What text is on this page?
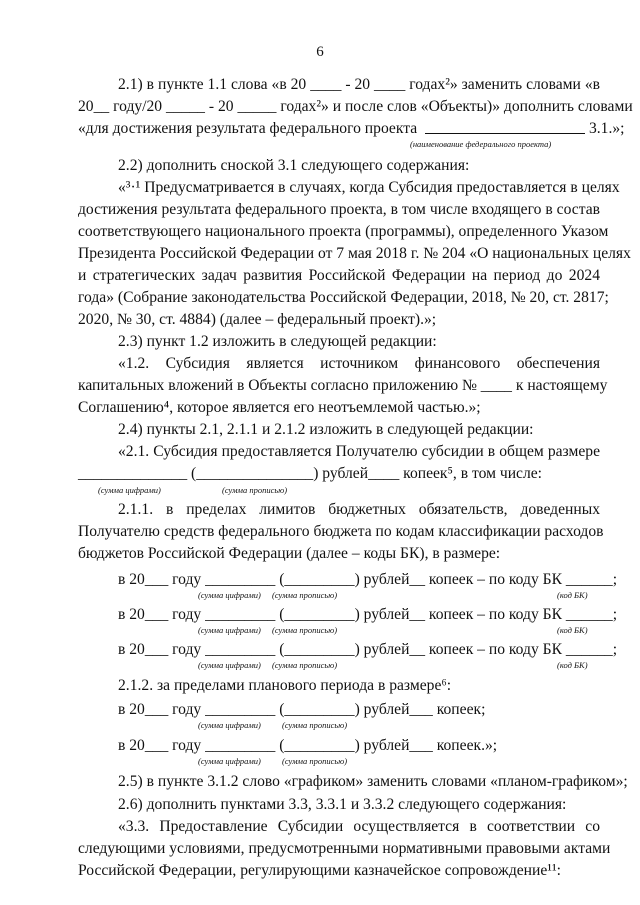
6
2.1) в пункте 1.1 слова «в 20 ____ - 20 ____ годах²» заменить словами «в
20__ году/20 _____ - 20 _____ годах²» и после слов «Объекты)» дополнить словами
«для достижения результата федерального проекта	3.1.»;
(наименование федерального проекта)
2.2) дополнить сноской 3.1 следующего содержания:
«³·¹ Предусматривается в случаях, когда Субсидия предоставляется в целях
достижения результата федерального проекта, в том числе входящего в состав
соответствующего национального проекта (программы), определенного Указом
Президента Российской Федерации от 7 мая 2018 г. № 204 «О национальных целях
и стратегических задач развития Российской Федерации на период до 2024
года» (Собрание законодательства Российской Федерации, 2018, № 20, ст. 2817;
2020, № 30, ст. 4884) (далее – федеральный проект).»;
2.3) пункт 1.2 изложить в следующей редакции:
«1.2. Субсидия является источником финансового обеспечения
капитальных вложений в Объекты согласно приложению № ____ к настоящему
Соглашению⁴, которое является его неотъемлемой частью.»;
2.4) пункты 2.1, 2.1.1 и 2.1.2 изложить в следующей редакции:
«2.1. Субсидия предоставляется Получателю субсидии в общем размере
______________ (_______________) рублей____ копеек⁵, в том числе:
(сумма цифрами)	(сумма прописью)
2.1.1. в пределах лимитов бюджетных обязательств, доведенных
Получателю средств федерального бюджета по кодам классификации расходов
бюджетов Российской Федерации (далее – коды БК), в размере:
в 20___ году _________ (_________) рублей__ копеек – по коду БК ______;
(сумма цифрами) (сумма прописью)	(код БК)
в 20___ году _________ (_________) рублей__ копеек – по коду БК ______;
(сумма цифрами) (сумма прописью)	(код БК)
в 20___ году _________ (_________) рублей__ копеек – по коду БК ______;
(сумма цифрами) (сумма прописью)	(код БК)
2.1.2. за пределами планового периода в размере⁶:
в 20___ году _________ (_________) рублей___ копеек;
(сумма цифрами) (сумма прописью)
в 20___ году _________ (_________) рублей___ копеек.»;
(сумма цифрами) (сумма прописью)
2.5) в пункте 3.1.2 слово «графиком» заменить словами «планом-графиком»;
2.6) дополнить пунктами 3.3, 3.3.1 и 3.3.2 следующего содержания:
«3.3. Предоставление Субсидии осуществляется в соответствии со
следующими условиями, предусмотренными нормативными правовыми актами
Российской Федерации, регулирующими казначейское сопровождение¹¹:
